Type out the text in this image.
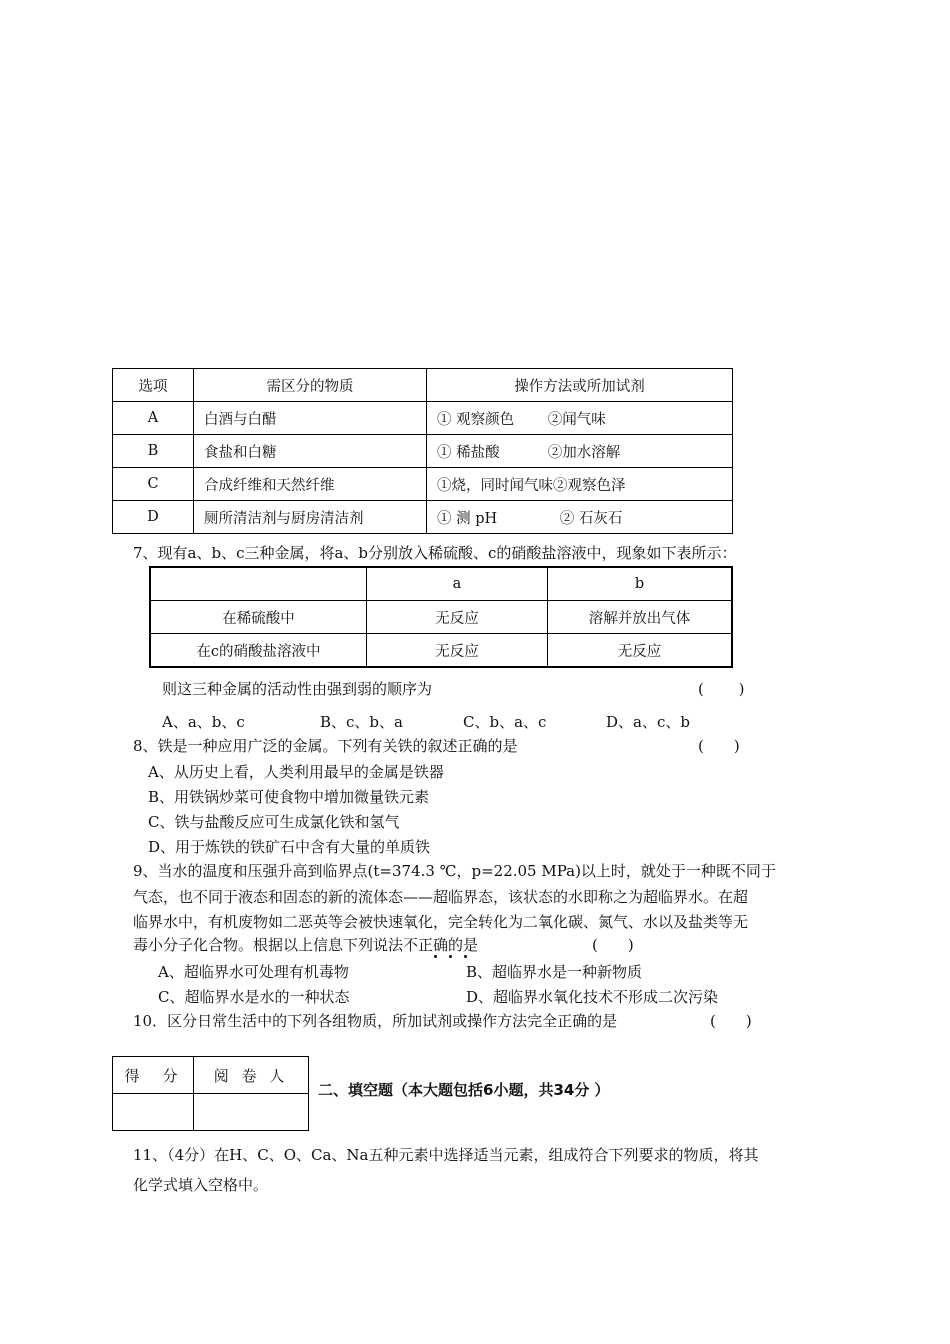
选项	需区分的物质	操作方法或所加试剂
A	白酒与白醋	① 观察颜色　　 ②闻气味
B	食盐和白糖	① 稀盐酸　　　 ②加水溶解
C	合成纤维和天然纤维	①烧，同时闻气味②观察色泽
D	厕所清洁剂与厨房清洁剂	① 测 pH　　　　 ② 石灰石
7、现有a、b、c三种金属，将a、b分别放入稀硫酸、c的硝酸盐溶液中，现象如下表所示：
	a	b
在稀硫酸中	无反应	溶解并放出气体
在c的硝酸盐溶液中	无反应	无反应
则这三种金属的活动性由强到弱的顺序为	(　　 )
A、a、b、c	B、c、b、a	C、b、a、c	D、a、c、b
8、铁是一种应用广泛的金属。下列有关铁的叙述正确的是	(　　)
A、从历史上看，人类利用最早的金属是铁器
B、用铁锅炒菜可使食物中增加微量铁元素
C、铁与盐酸反应可生成氯化铁和氢气
D、用于炼铁的铁矿石中含有大量的单质铁
9、当水的温度和压强升高到临界点(t=374.3 ℃，p=22.05 MPa)以上时，就处于一种既不同于
气态，也不同于液态和固态的新的流体态——超临界态，该状态的水即称之为超临界水。在超
临界水中，有机废物如二恶英等会被快速氧化，完全转化为二氧化碳、氮气、水以及盐类等无
毒小分子化合物。根据以上信息下列说法不正确的是	(　　)
A、超临界水可处理有机毒物	B、超临界水是一种新物质
C、超临界水是水的一种状态	D、超临界水氧化技术不形成二次污染
10．区分日常生活中的下列各组物质，所加试剂或操作方法完全正确的是	(　　)
得　分	阅 卷 人

二、填空题（本大题包括6小题，共34分 ）
11、（4分）在H、C、O、Ca、Na五种元素中选择适当元素，组成符合下列要求的物质，将其
化学式填入空格中。
